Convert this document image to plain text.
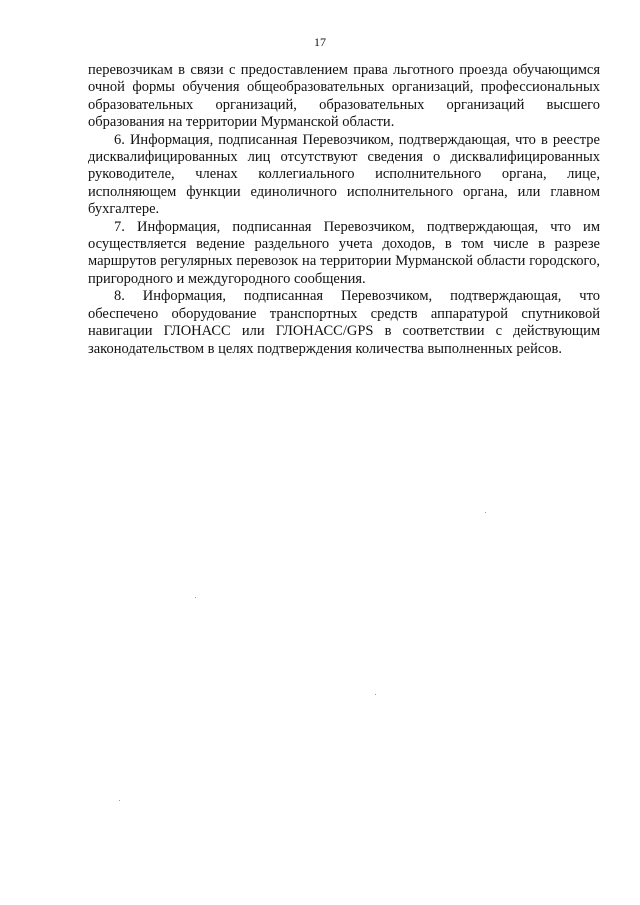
17

перевозчикам в связи с предоставлением права льготного проезда обучающимся очной формы обучения общеобразовательных организаций, профессиональных образовательных организаций, образовательных организаций высшего образования на территории Мурманской области.

6. Информация, подписанная Перевозчиком, подтверждающая, что в реестре дисквалифицированных лиц отсутствуют сведения о дисквалифицированных руководителе, членах коллегиального исполнительного органа, лице, исполняющем функции единоличного исполнительного органа, или главном бухгалтере.

7. Информация, подписанная Перевозчиком, подтверждающая, что им осуществляется ведение раздельного учета доходов, в том числе в разрезе маршрутов регулярных перевозок на территории Мурманской области городского, пригородного и междугородного сообщения.

8. Информация, подписанная Перевозчиком, подтверждающая, что обеспечено оборудование транспортных средств аппаратурой спутниковой навигации ГЛОНАСС или ГЛОНАСС/GPS в соответствии с действующим законодательством в целях подтверждения количества выполненных рейсов.
